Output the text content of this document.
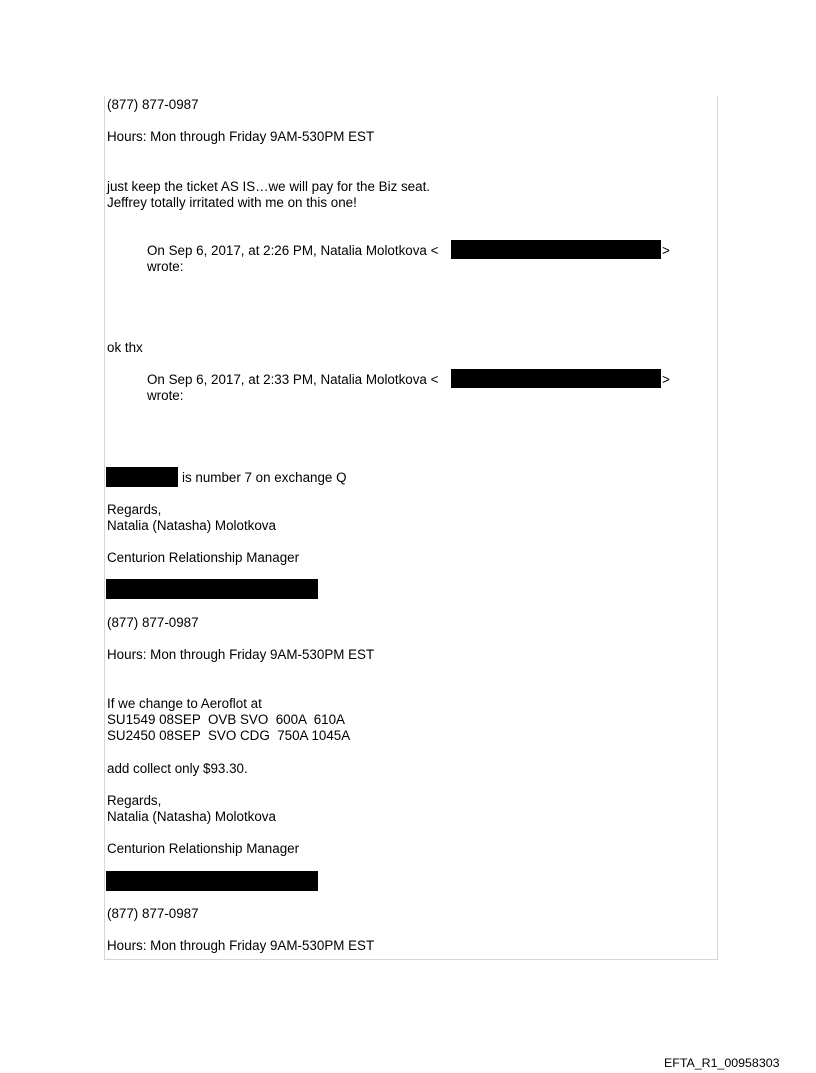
(877) 877-0987

Hours: Mon through Friday 9AM-530PM EST

just keep the ticket AS IS…we will pay for the Biz seat.

Jeffrey totally irritated with me on this one!

On Sep 6, 2017, at 2:26 PM, Natalia Molotkova <	>

wrote:

ok thx

On Sep 6, 2017, at 2:33 PM, Natalia Molotkova <	>

wrote:

is number 7 on exchange Q

Regards,

Natalia (Natasha) Molotkova

Centurion Relationship Manager

(877) 877-0987

Hours: Mon through Friday 9AM-530PM EST

If we change to Aeroflot at

SU1549 08SEP  OVB SVO  600A  610A

SU2450 08SEP  SVO CDG  750A 1045A

add collect only $93.30.

Regards,

Natalia (Natasha) Molotkova

Centurion Relationship Manager

(877) 877-0987

Hours: Mon through Friday 9AM-530PM EST

EFTA_R1_00958303
